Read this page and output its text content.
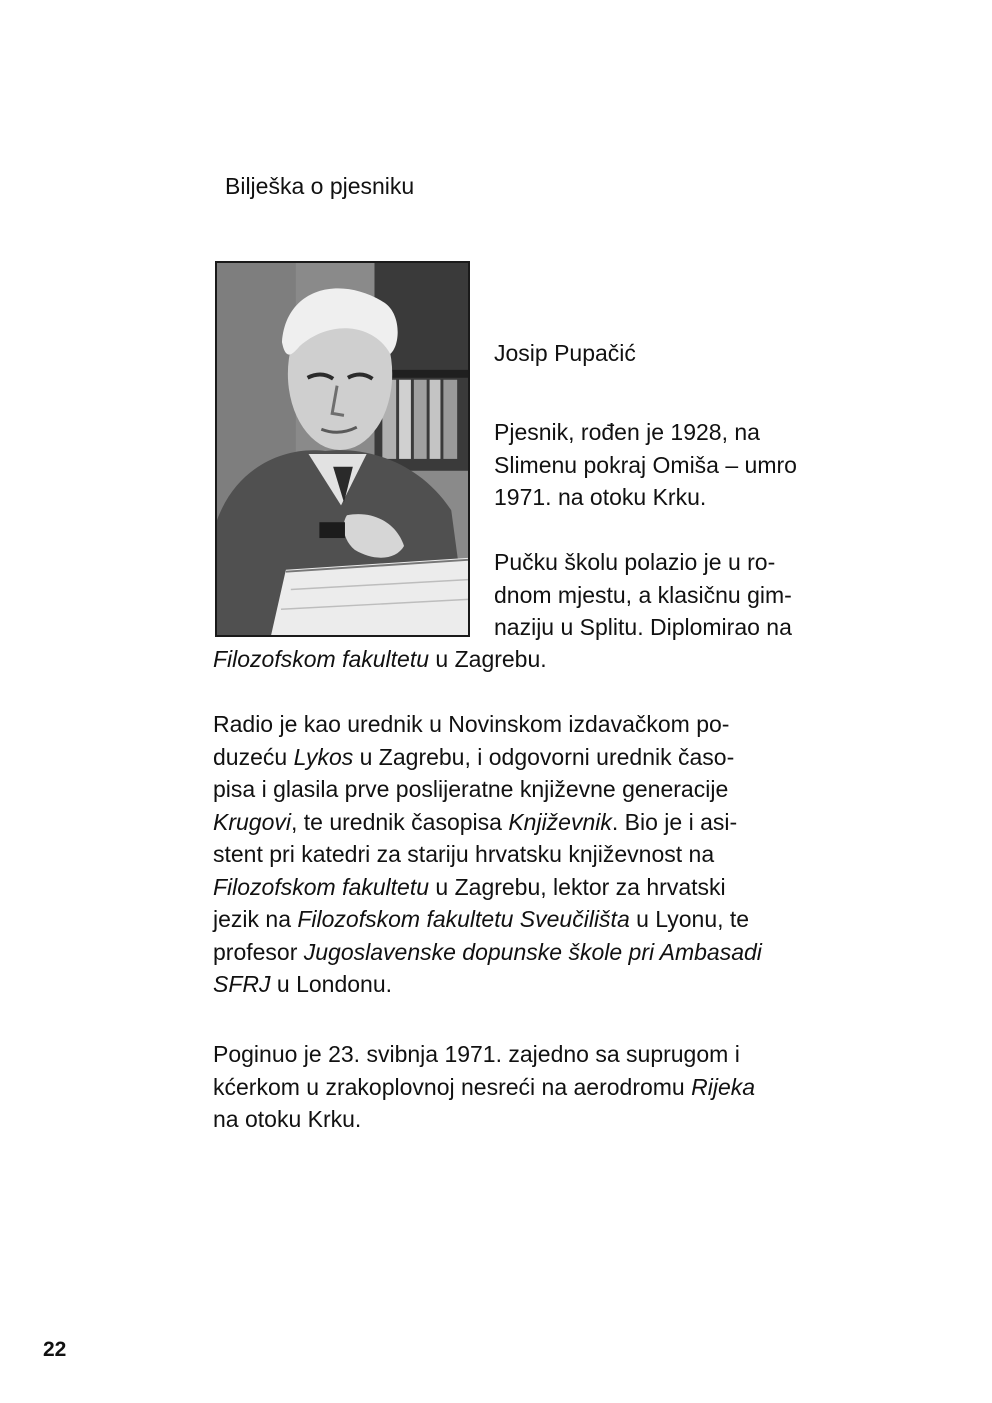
Bilješka o pjesniku
Josip Pupačić
Pjesnik, rođen je 1928, na
Slimenu pokraj Omiša – umro
1971. na otoku Krku.
Pučku školu polazio je u ro-
dnom mjestu, a klasičnu gim-
naziju u Splitu. Diplomirao na
Filozofskom fakultetu u Zagrebu.
Radio je kao urednik u Novinskom izdavačkom po-
duzeću Lykos u Zagrebu, i odgovorni urednik časo-
pisa i glasila prve poslijeratne književne generacije
Krugovi, te urednik časopisa Književnik. Bio je i asi-
stent pri katedri za stariju hrvatsku književnost na
Filozofskom fakultetu u Zagrebu, lektor za hrvatski
jezik na Filozofskom fakultetu Sveučilišta u Lyonu, te
profesor Jugoslavenske dopunske škole pri Ambasadi
SFRJ u Londonu.
Poginuo je 23. svibnja 1971. zajedno sa suprugom i
kćerkom u zrakoplovnoj nesreći na aerodromu Rijeka
na otoku Krku.
22
